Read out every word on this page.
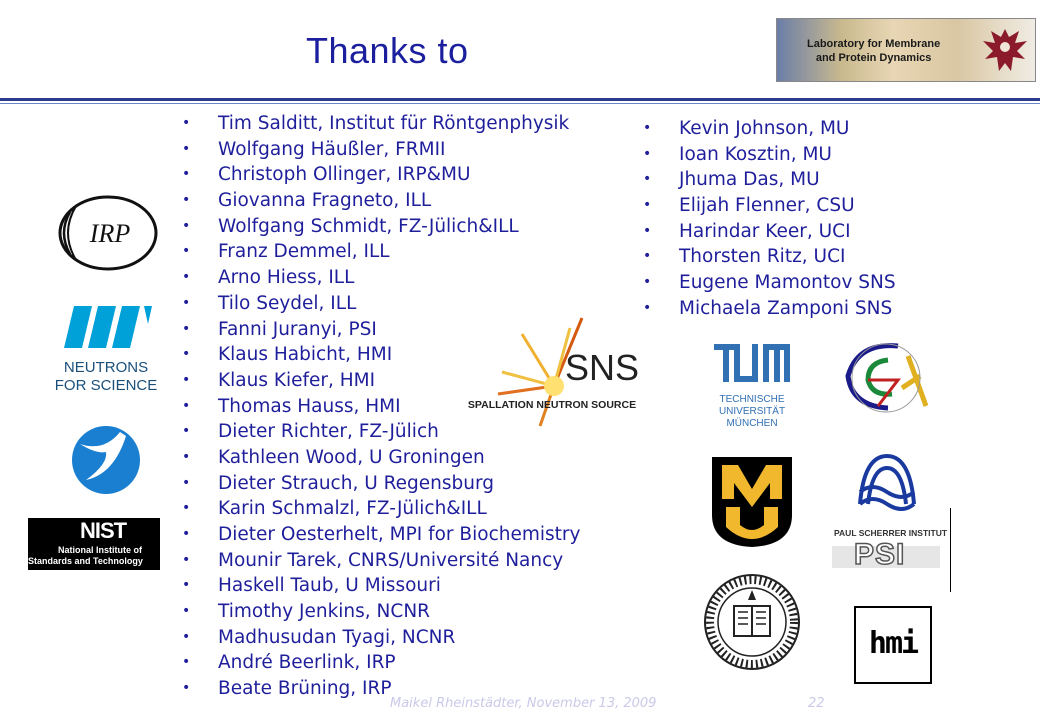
Thanks to	Laboratory for Membrane
and Protein Dynamics
• Tim Salditt, Institut für Röntgenphysik
• Wolfgang Häußler, FRMII
• Christoph Ollinger, IRP&MU
• Giovanna Fragneto, ILL
• Wolfgang Schmidt, FZ-Jülich&ILL
• Franz Demmel, ILL
• Arno Hiess, ILL
• Tilo Seydel, ILL
• Fanni Juranyi, PSI
• Klaus Habicht, HMI
• Klaus Kiefer, HMI
• Thomas Hauss, HMI
• Dieter Richter, FZ-Jülich
• Kathleen Wood, U Groningen
• Dieter Strauch, U Regensburg
• Karin Schmalzl, FZ-Jülich&ILL
• Dieter Oesterhelt, MPI for Biochemistry
• Mounir Tarek, CNRS/Université Nancy
• Haskell Taub, U Missouri
• Timothy Jenkins, NCNR
• Madhusudan Tyagi, NCNR
• André Beerlink, IRP
• Beate Brüning, IRP
• Kevin Johnson, MU
• Ioan Kosztin, MU
• Jhuma Das, MU
• Elijah Flenner, CSU
• Harindar Keer, UCI
• Thorsten Ritz, UCI
• Eugene Mamontov SNS
• Michaela Zamponi SNS
IRP
NEUTRONS
FOR SCIENCE
NIST
National Institute of
Standards and Technology
SNS
SPALLATION NEUTRON SOURCE	TECHNISCHE
UNIVERSITÄT
MÜNCHEN
PAUL SCHERRER INSTITUT
PSI
hmi
Maikel Rheinstädter, November 13, 2009	22
